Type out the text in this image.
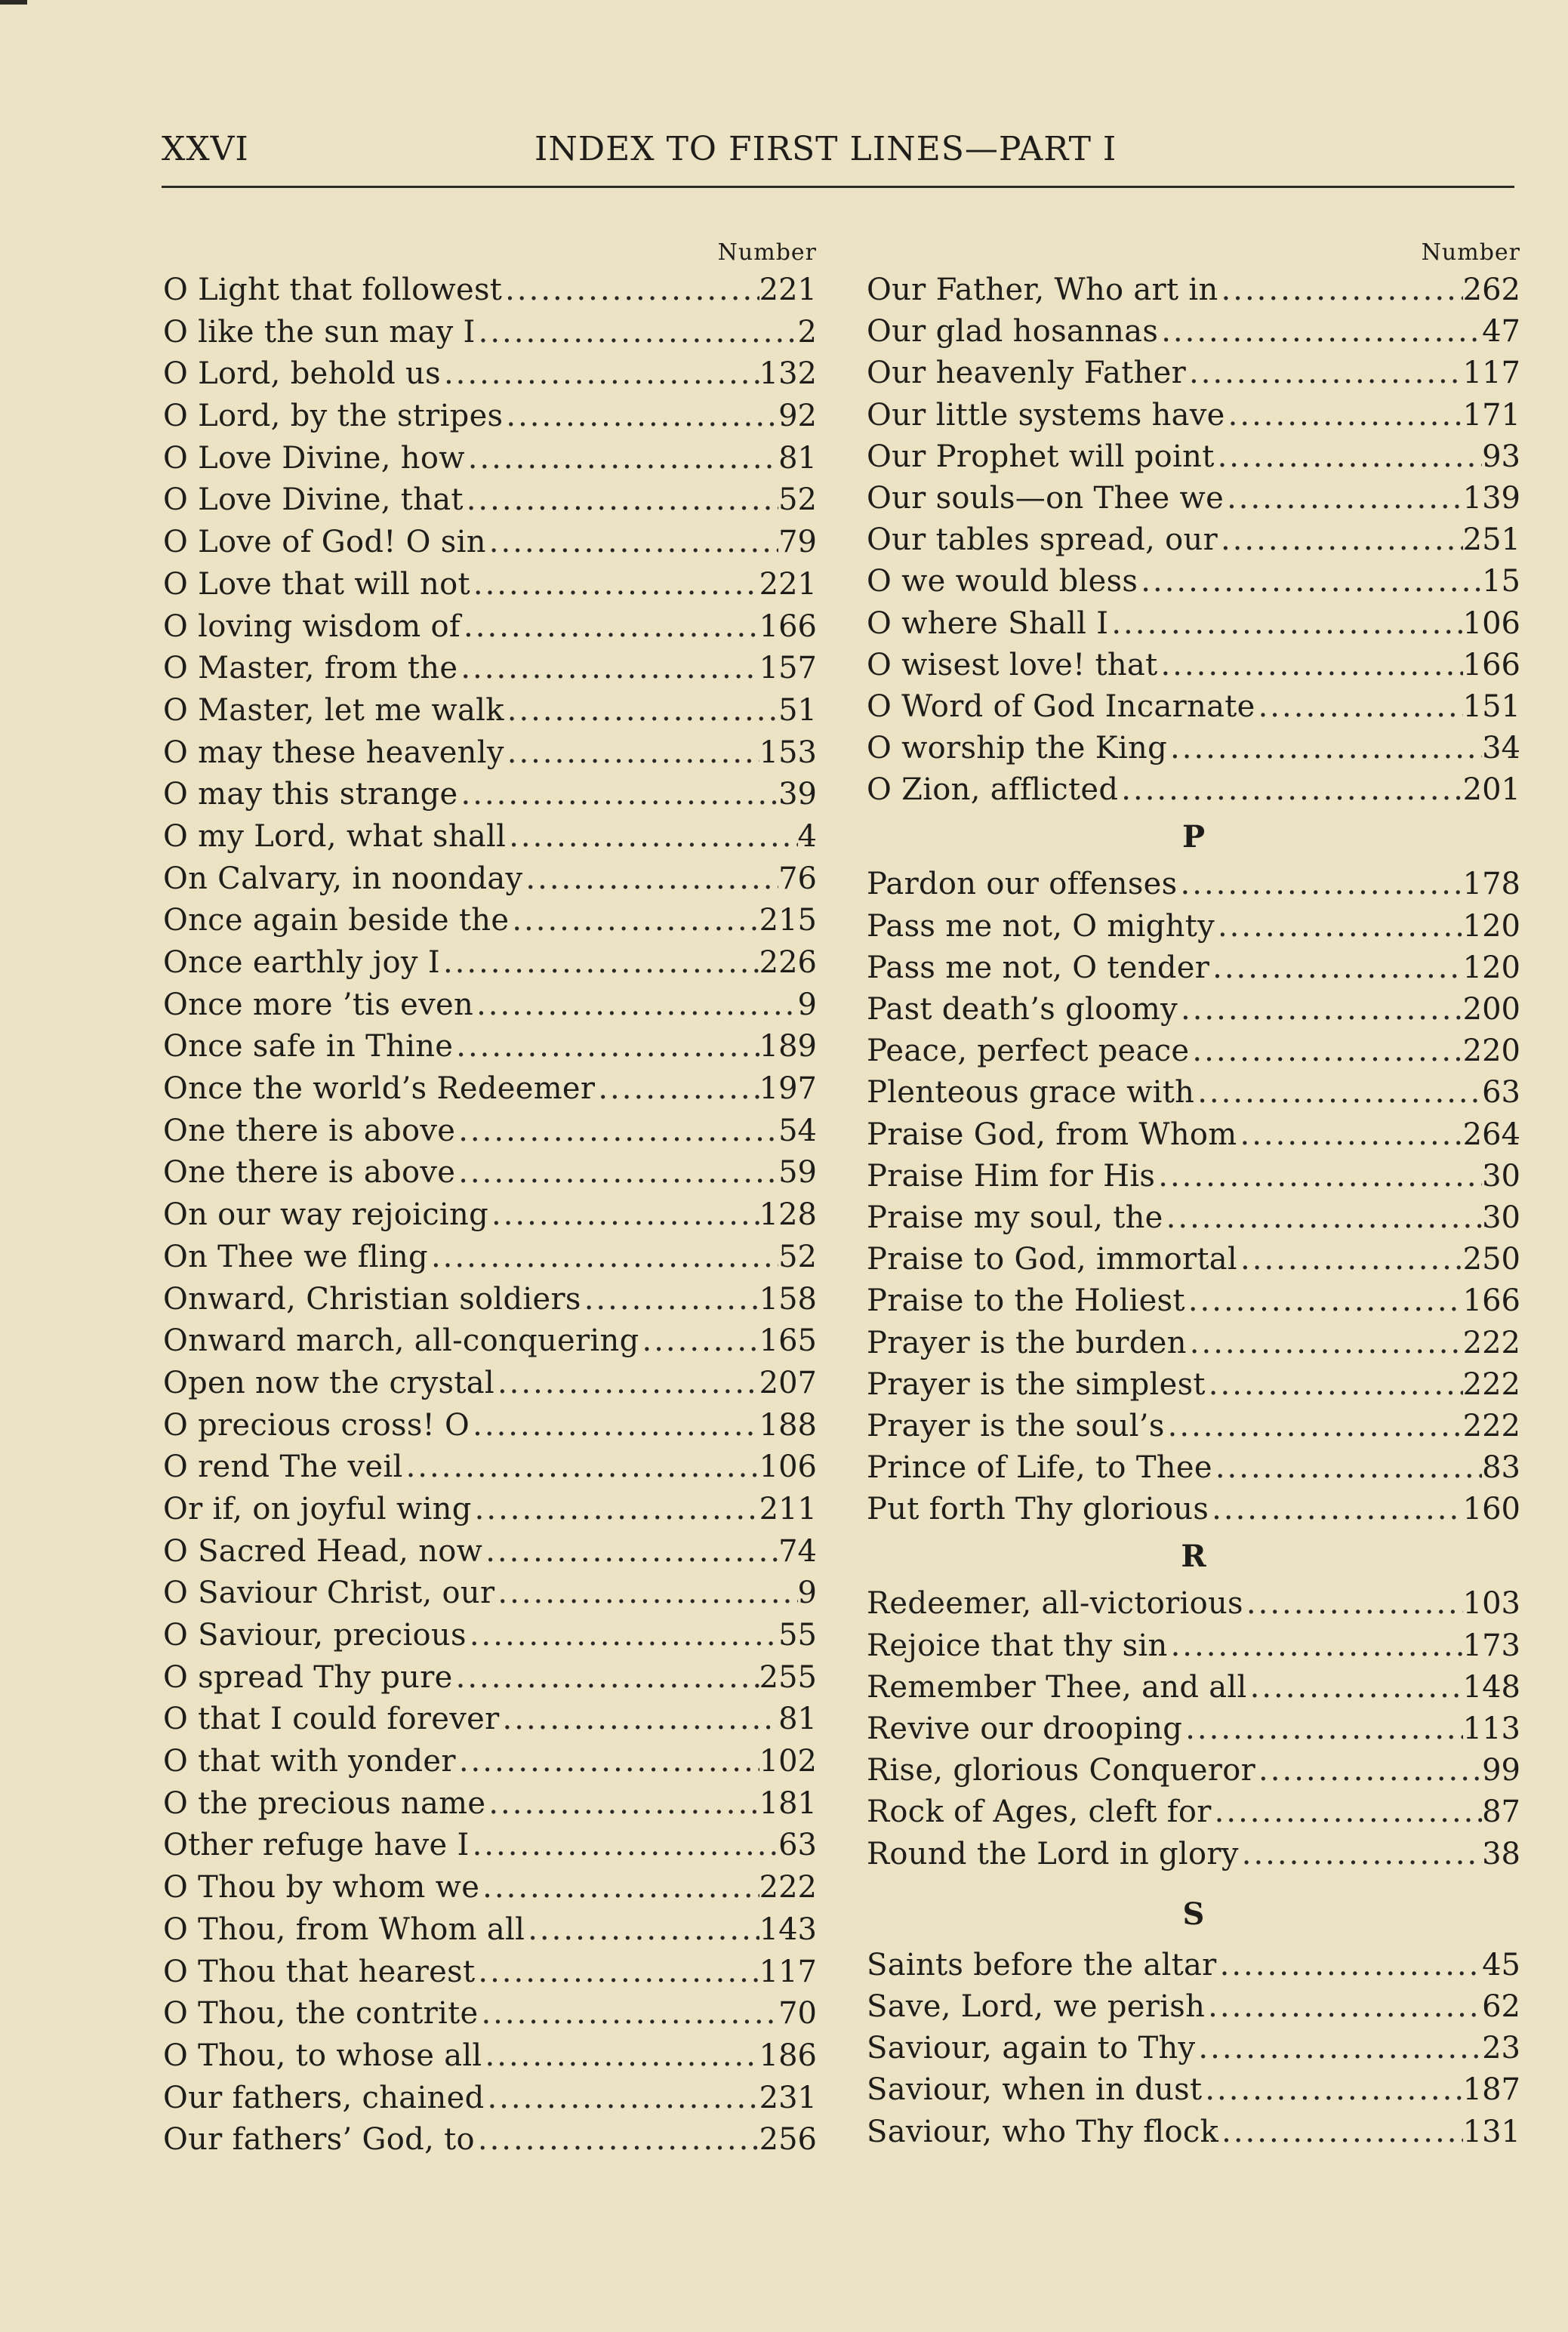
XXVI	INDEX TO FIRST LINES—PART I
Number
O Light that followest .....	221
O like the sun may I .....	2
O Lord, behold us .....	132
O Lord, by the stripes .....	92
O Love Divine, how .....	81
O Love Divine, that .....	52
O Love of God! O sin .....	79
O Love that will not .....	221
O loving wisdom of .....	166
O Master, from the .....	157
O Master, let me walk .....	51
O may these heavenly .....	153
O may this strange .....	39
O my Lord, what shall .....	4
On Calvary, in noonday .....	76
Once again beside the .....	215
Once earthly joy I .....	226
Once more ’tis even .....	9
Once safe in Thine .....	189
Once the world’s Redeemer .....	197
One there is above .....	54
One there is above .....	59
On our way rejoicing .....	128
On Thee we fling .....	52
Onward, Christian soldiers .....	158
Onward march, all-conquering .....	165
Open now the crystal .....	207
O precious cross! O .....	188
O rend The veil .....	106
Or if, on joyful wing .....	211
O Sacred Head, now .....	74
O Saviour Christ, our .....	9
O Saviour, precious .....	55
O spread Thy pure .....	255
O that I could forever .....	81
O that with yonder .....	102
O the precious name .....	181
Other refuge have I .....	63
O Thou by whom we .....	222
O Thou, from Whom all .....	143
O Thou that hearest .....	117
O Thou, the contrite .....	70
O Thou, to whose all .....	186
Our fathers, chained .....	231
Our fathers’ God, to .....	256
Number
Our Father, Who art in .....	262
Our glad hosannas .....	47
Our heavenly Father .....	117
Our little systems have .....	171
Our Prophet will point .....	93
Our souls—on Thee we .....	139
Our tables spread, our .....	251
O we would bless .....	15
O where Shall I .....	106
O wisest love! that .....	166
O Word of God Incarnate .....	151
O worship the King .....	34
O Zion, afflicted .....	201
P
Pardon our offenses .....	178
Pass me not, O mighty .....	120
Pass me not, O tender .....	120
Past death’s gloomy .....	200
Peace, perfect peace .....	220
Plenteous grace with .....	63
Praise God, from Whom .....	264
Praise Him for His .....	30
Praise my soul, the .....	30
Praise to God, immortal .....	250
Praise to the Holiest .....	166
Prayer is the burden .....	222
Prayer is the simplest .....	222
Prayer is the soul’s .....	222
Prince of Life, to Thee .....	83
Put forth Thy glorious .....	160
R
Redeemer, all-victorious .....	103
Rejoice that thy sin .....	173
Remember Thee, and all .....	148
Revive our drooping .....	113
Rise, glorious Conqueror .....	99
Rock of Ages, cleft for .....	87
Round the Lord in glory .....	38
S
Saints before the altar .....	45
Save, Lord, we perish .....	62
Saviour, again to Thy .....	23
Saviour, when in dust .....	187
Saviour, who Thy flock .....	131
